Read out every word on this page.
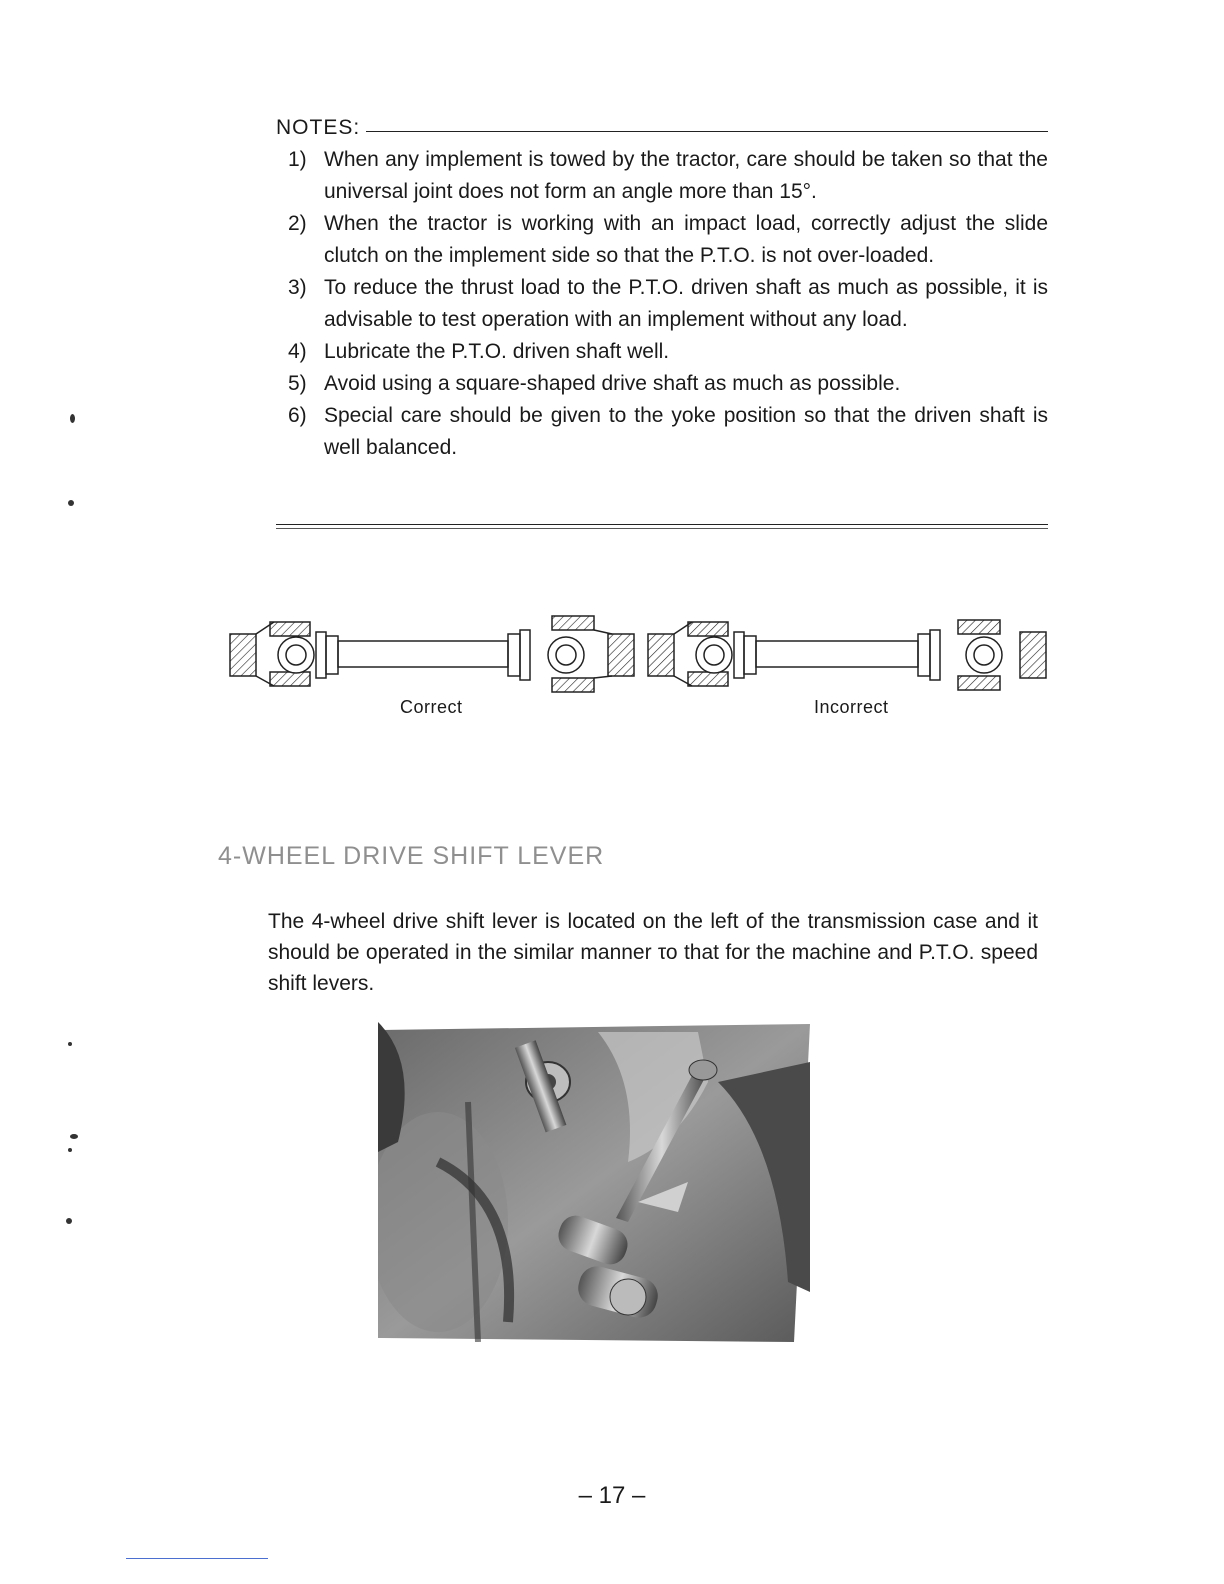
NOTES:
1) When any implement is towed by the tractor, care should be taken so that the universal joint does not form an angle more than 15°.
2) When the tractor is working with an impact load, correctly adjust the slide clutch on the implement side so that the P.T.O. is not over-loaded.
3) To reduce the thrust load to the P.T.O. driven shaft as much as possible, it is advisable to test operation with an implement without any load.
4) Lubricate the P.T.O. driven shaft well.
5) Avoid using a square-shaped drive shaft as much as possible.
6) Special care should be given to the yoke position so that the driven shaft is well balanced.
Correct	Incorrect
4-WHEEL DRIVE SHIFT LEVER
The 4-wheel drive shift lever is located on the left of the transmission case and it should be operated in the similar manner το that for the machine and P.T.O. speed shift levers.
– 17 –
